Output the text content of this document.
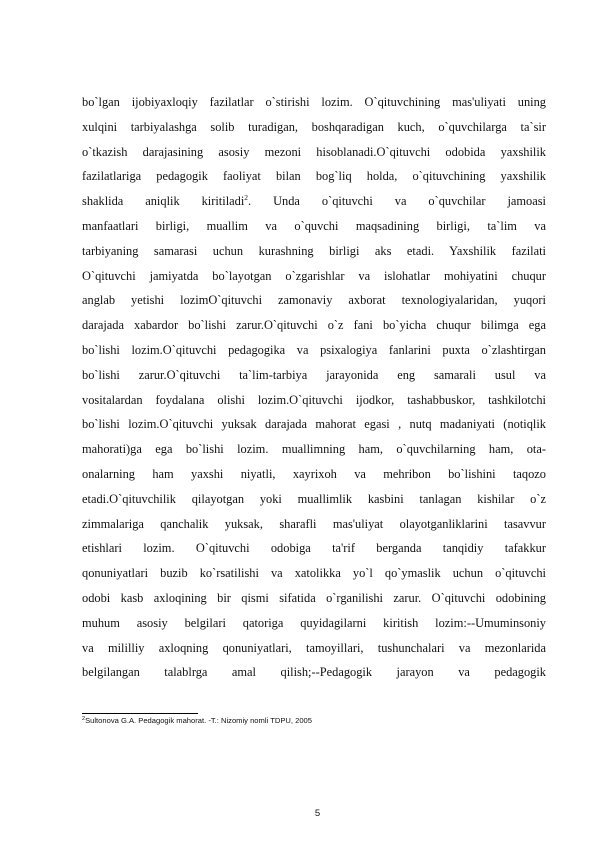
bo`lgan ijobiyaxloqiy fazilatlar o`stirishi lozim. O`qituvchining mas'uliyati uning
xulqini tarbiyalashga solib turadigan, boshqaradigan kuch, o`quvchilarga ta`sir
o`tkazish darajasining asosiy mezoni hisoblanadi.O`qituvchi odobida yaxshilik
fazilatlariga pedagogik faoliyat bilan bog`liq holda, o`qituvchining yaxshilik
shaklida aniqlik kiritiladi$^2$. Unda o`qituvchi va o`quvchilar jamoasi
manfaatlari birligi, muallim va o`quvchi maqsadining birligi, ta`lim va
tarbiyaning samarasi uchun kurashning birligi aks etadi. Yaxshilik fazilati
O`qituvchi jamiyatda bo`layotgan o`zgarishlar va islohatlar mohiyatini chuqur
anglab yetishi lozimO`qituvchi zamonaviy axborat texnologiyalaridan, yuqori
darajada xabardor bo`lishi zarur.O`qituvchi o`z fani bo`yicha chuqur bilimga ega
bo`lishi lozim.O`qituvchi pedagogika va psixalogiya fanlarini puxta o`zlashtirgan
bo`lishi zarur.O`qituvchi ta`lim-tarbiya jarayonida eng samarali usul va
vositalardan foydalana olishi lozim.O`qituvchi ijodkor, tashabbuskor, tashkilotchi
bo`lishi lozim.O`qituvchi yuksak darajada mahorat egasi , nutq madaniyati (notiqlik
mahorati)ga ega bo`lishi lozim. muallimning ham, o`quvchilarning ham, ota-
onalarning ham yaxshi niyatli, xayrixoh va mehribon bo`lishini taqozo
etadi.O`qituvchilik qilayotgan yoki muallimlik kasbini tanlagan kishilar o`z
zimmalariga qanchalik yuksak, sharafli mas'uliyat olayotganliklarini tasavvur
etishlari lozim. O`qituvchi odobiga ta'rif berganda tanqidiy tafakkur
qonuniyatlari buzib ko`rsatilishi va xatolikka yo`l qo`ymaslik uchun o`qituvchi
odobi kasb axloqining bir qismi sifatida o`rganilishi zarur. O`qituvchi odobining
muhum asosiy belgilari qatoriga quyidagilarni kiritish lozim:--Umuminsoniy
va mililliy axloqning qonuniyatlari, tamoyillari, tushunchalari va mezonlarida
belgilangan talablrga amal qilish;--Pedagogik jarayon va pedagogik
$^2$Sultonova G.A. Pedagogik mahorat. -T.: Nizomiy nomli TDPU, 2005
5
